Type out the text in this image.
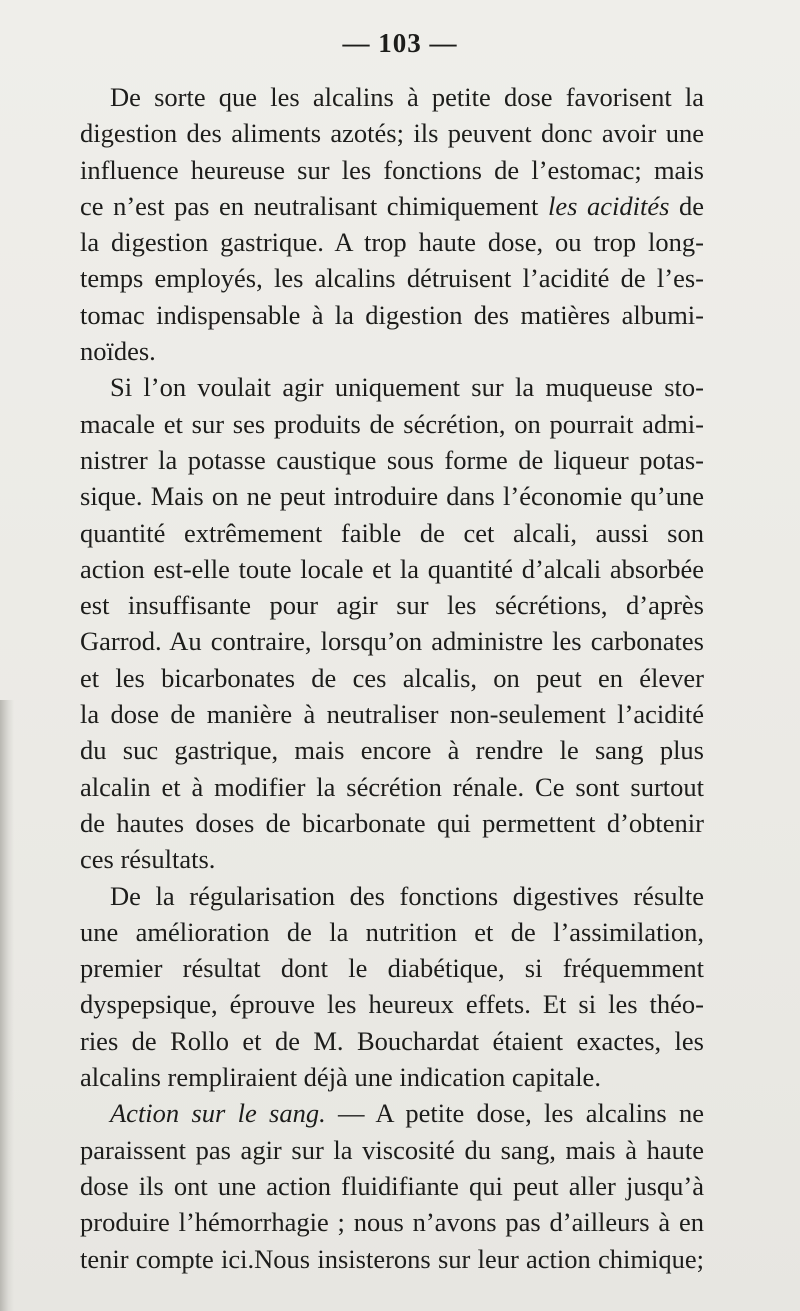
— 103 —
De sorte que les alcalins à petite dose favorisent la
digestion des aliments azotés; ils peuvent donc avoir une
influence heureuse sur les fonctions de l’estomac; mais
ce n’est pas en neutralisant chimiquement les acidités de
la digestion gastrique. A trop haute dose, ou trop long-
temps employés, les alcalins détruisent l’acidité de l’es-
tomac indispensable à la digestion des matières albumi-
noïdes.
Si l’on voulait agir uniquement sur la muqueuse sto-
macale et sur ses produits de sécrétion, on pourrait admi-
nistrer la potasse caustique sous forme de liqueur potas-
sique. Mais on ne peut introduire dans l’économie qu’une
quantité extrêmement faible de cet alcali, aussi son
action est-elle toute locale et la quantité d’alcali absorbée
est insuffisante pour agir sur les sécrétions, d’après
Garrod. Au contraire, lorsqu’on administre les carbonates
et les bicarbonates de ces alcalis, on peut en élever
la dose de manière à neutraliser non-seulement l’acidité
du suc gastrique, mais encore à rendre le sang plus
alcalin et à modifier la sécrétion rénale. Ce sont surtout
de hautes doses de bicarbonate qui permettent d’obtenir
ces résultats.
De la régularisation des fonctions digestives résulte
une amélioration de la nutrition et de l’assimilation,
premier résultat dont le diabétique, si fréquemment
dyspepsique, éprouve les heureux effets. Et si les théo-
ries de Rollo et de M. Bouchardat étaient exactes, les
alcalins rempliraient déjà une indication capitale.
Action sur le sang. — A petite dose, les alcalins ne
paraissent pas agir sur la viscosité du sang, mais à haute
dose ils ont une action fluidifiante qui peut aller jusqu’à
produire l’hémorrhagie ; nous n’avons pas d’ailleurs à en
tenir compte ici.Nous insisterons sur leur action chimique;
